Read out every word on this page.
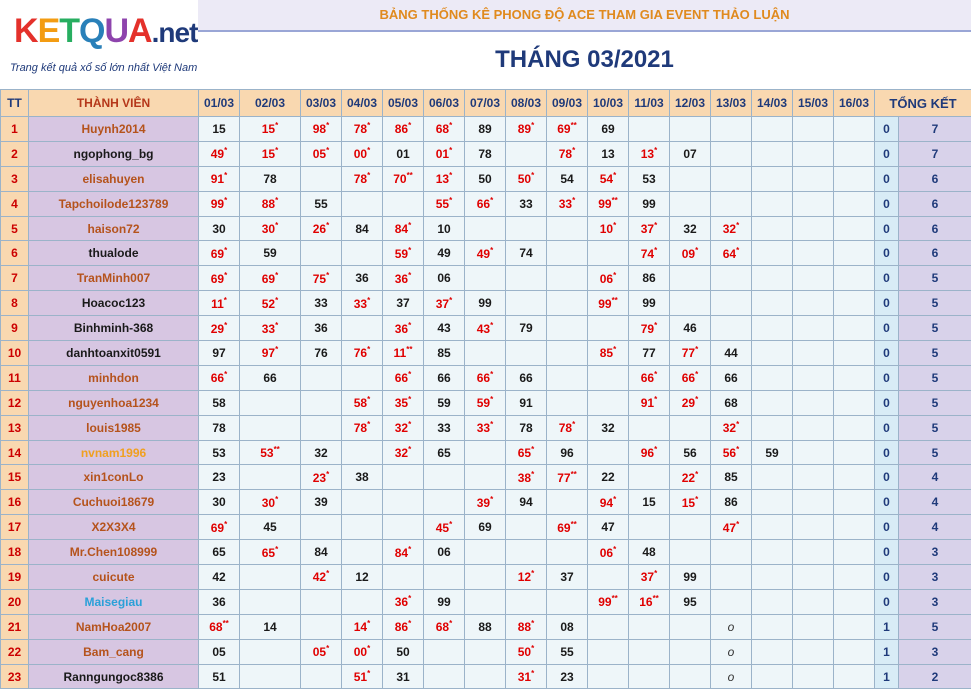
KETQUA.net
Trang kết quả xổ số lớn nhất Việt Nam
BẢNG THỐNG KÊ PHONG ĐỘ ACE THAM GIA EVENT THẢO LUẬN
THÁNG 03/2021
TT	THÀNH VIÊN	01/03	02/03	03/03	04/03	05/03	06/03	07/03	08/03	09/03	10/03	11/03	12/03	13/03	14/03	15/03	16/03	TỔNG KẾT	
1	Huynh2014	15	15*	98*	78*	86*	68*	89	89*	69**	69							0	7
2	ngophong_bg	49*	15*	05*	00*	01	01*	78		78*	13	13*	07					0	7
3	elisahuyen	91*	78		78*	70**	13*	50	50*	54	54*	53						0	6
4	Tapchoilode123789	99*	88*	55			55*	66*	33	33*	99**	99						0	6
5	haison72	30	30*	26*	84	84*	10				10*	37*	32	32*				0	6
6	thualode	69*	59			59*	49	49*	74			74*	09*	64*				0	6
7	TranMinh007	69*	69*	75*	36	36*	06				06*	86						0	5
8	Hoacoc123	11*	52*	33	33*	37	37*	99			99**	99						0	5
9	Binhminh-368	29*	33*	36		36*	43	43*	79			79*	46					0	5
10	danhtoanxit0591	97	97*	76	76*	11**	85				85*	77	77*	44				0	5
11	minhdon	66*	66			66*	66	66*	66			66*	66*	66				0	5
12	nguyenhoa1234	58			58*	35*	59	59*	91			91*	29*	68				0	5
13	louis1985	78			78*	32*	33	33*	78	78*	32			32*				0	5
14	nvnam1996	53	53**	32		32*	65		65*	96		96*	56	56*	59			0	5
15	xin1conLo	23		23*	38				38*	77**	22		22*	85				0	4
16	Cuchuoi18679	30	30*	39				39*	94		94*	15	15*	86				0	4
17	X2X3X4	69*	45				45*	69		69**	47			47*				0	4
18	Mr.Chen108999	65	65*	84		84*	06				06*	48						0	3
19	cuicute	42		42*	12				12*	37		37*	99					0	3
20	Maisegiau	36				36*	99				99**	16**	95					0	3
21	NamHoa2007	68**	14		14*	86*	68*	88	88*	08				o				1	5
22	Bam_cang	05		05*	00*	50			50*	55				o				1	3
23	Ranngungoc8386	51			51*	31			31*	23				o				1	2
